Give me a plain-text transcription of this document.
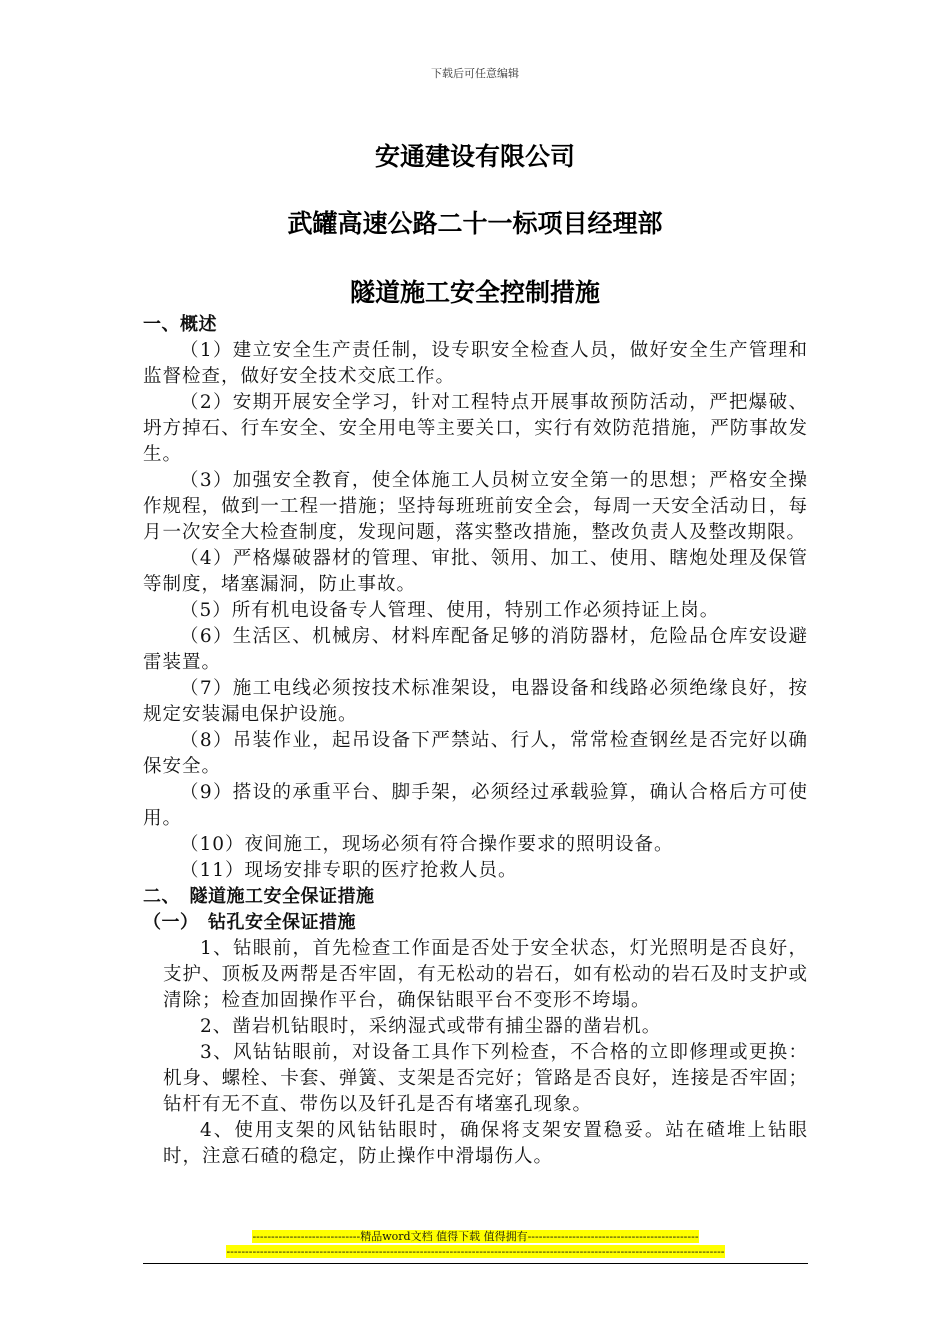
下载后可任意编辑
安通建设有限公司
武罐高速公路二十一标项目经理部
隧道施工安全控制措施

一、概述

（1）建立安全生产责任制，设专职安全检查人员，做好安全生产管理和监督检查，做好安全技术交底工作。

（2）安期开展安全学习，针对工程特点开展事故预防活动，严把爆破、坍方掉石、行车安全、安全用电等主要关口，实行有效防范措施，严防事故发生。

（3）加强安全教育，使全体施工人员树立安全第一的思想；严格安全操作规程，做到一工程一措施；坚持每班班前安全会，每周一天安全活动日，每月一次安全大检查制度，发现问题，落实整改措施，整改负责人及整改期限。

（4）严格爆破器材的管理、审批、领用、加工、使用、瞎炮处理及保管等制度，堵塞漏洞，防止事故。

（5）所有机电设备专人管理、使用，特别工作必须持证上岗。

（6）生活区、机械房、材料库配备足够的消防器材，危险品仓库安设避雷装置。

（7）施工电线必须按技术标准架设，电器设备和线路必须绝缘良好，按规定安装漏电保护设施。

（8）吊装作业，起吊设备下严禁站、行人，常常检查钢丝是否完好以确保安全。

（9）搭设的承重平台、脚手架，必须经过承载验算，确认合格后方可使用。

（10）夜间施工，现场必须有符合操作要求的照明设备。

（11）现场安排专职的医疗抢救人员。

二、　隧道施工安全保证措施

（一）　钻孔安全保证措施

1、钻眼前，首先检查工作面是否处于安全状态，灯光照明是否良好，支护、顶板及两帮是否牢固，有无松动的岩石，如有松动的岩石及时支护或清除；检查加固操作平台，确保钻眼平台不变形不垮塌。

2、凿岩机钻眼时，采纳湿式或带有捕尘器的凿岩机。

3、风钻钻眼前，对设备工具作下列检查，不合格的立即修理或更换：机身、螺栓、卡套、弹簧、支架是否完好；管路是否良好，连接是否牢固；钻杆有无不直、带伤以及钎孔是否有堵塞孔现象。

4、使用支架的风钻钻眼时，确保将支架安置稳妥。站在碴堆上钻眼时，注意石碴的稳定，防止操作中滑塌伤人。

-----------------------------精品word文档 值得下载 值得拥有----------------------------------------------
--------------------------------------------------------------------------------------------------------------------------------------
